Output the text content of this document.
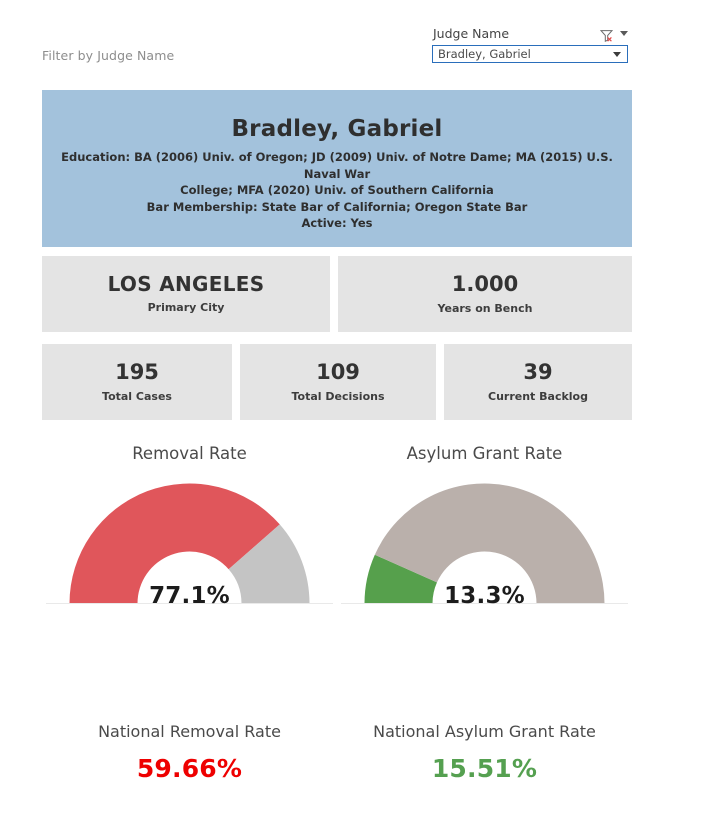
Filter by Judge Name
Judge Name
Bradley, Gabriel
Bradley, Gabriel
Education: BA (2006) Univ. of Oregon; JD (2009) Univ. of Notre Dame; MA (2015) U.S. Naval War
College; MFA (2020) Univ. of Southern California
Bar Membership: State Bar of California; Oregon State Bar
Active: Yes
LOS ANGELES
Primary City
1.000
Years on Bench
195
Total Cases
109
Total Decisions
39
Current Backlog
Removal Rate
77.1%
Asylum Grant Rate
13.3%
National Removal Rate
59.66%
National Asylum Grant Rate
15.51%
